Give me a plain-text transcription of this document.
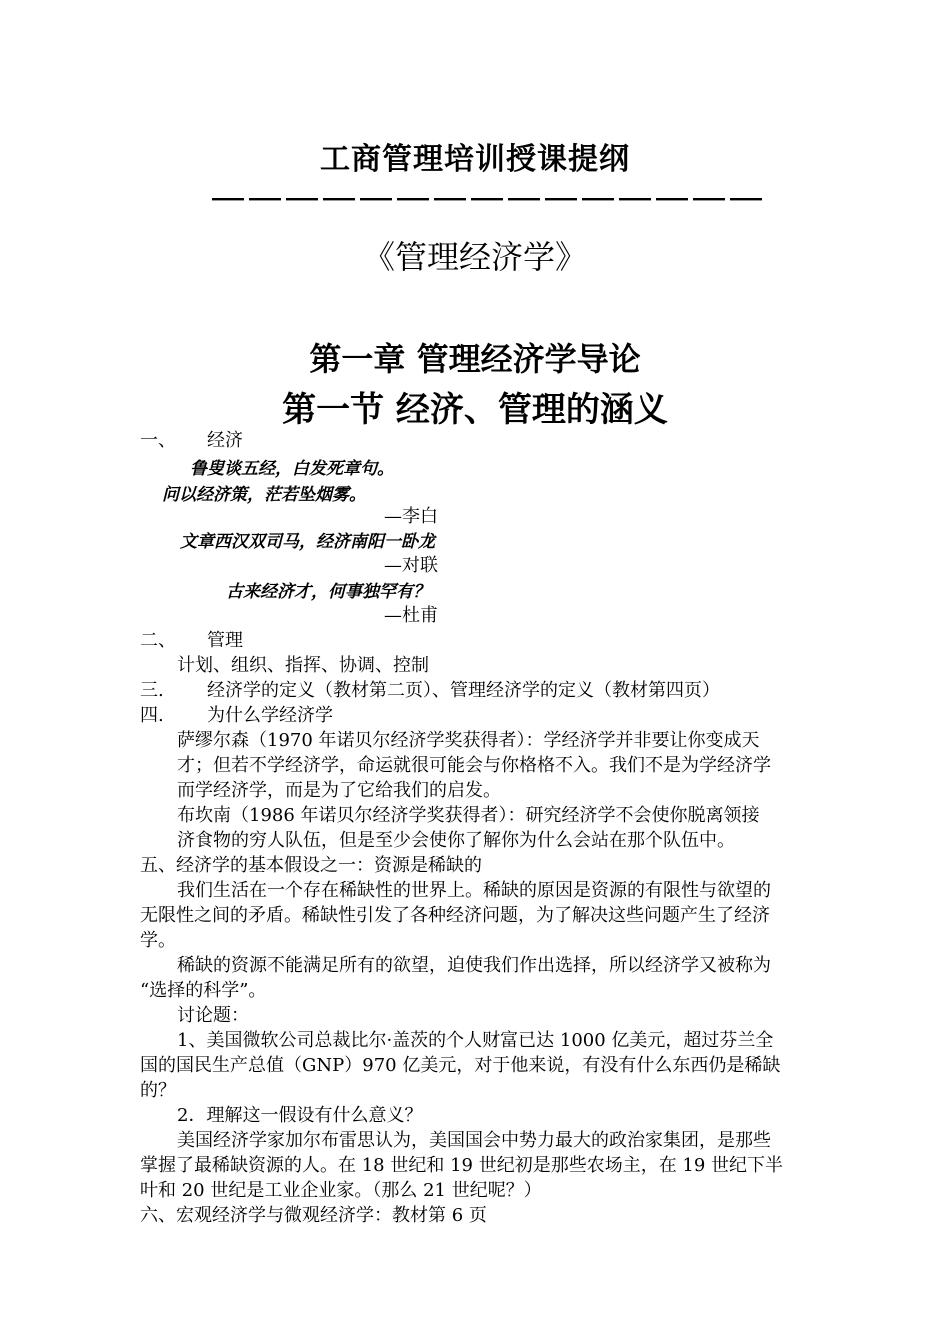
工商管理培训授课提纲
《管理经济学》
第一章 管理经济学导论
第一节 经济、管理的涵义
一、 经济
鲁叟谈五经，白发死章句。
问以经济策，茫若坠烟雾。
—李白
文章西汉双司马，经济南阳一卧龙
—对联
古来经济才，何事独罕有？
—杜甫
二、 管理
计划、组织、指挥、协调、控制
三. 经济学的定义（教材第二页）、管理经济学的定义（教材第四页）
四. 为什么学经济学
萨缪尔森（1970 年诺贝尔经济学奖获得者）：学经济学并非要让你变成天
才；但若不学经济学，命运就很可能会与你格格不入。我们不是为学经济学
而学经济学，而是为了它给我们的启发。
布坎南（1986 年诺贝尔经济学奖获得者）：研究经济学不会使你脱离领接
济食物的穷人队伍，但是至少会使你了解你为什么会站在那个队伍中。
五、经济学的基本假设之一：资源是稀缺的
我们生活在一个存在稀缺性的世界上。稀缺的原因是资源的有限性与欲望的
无限性之间的矛盾。稀缺性引发了各种经济问题，为了解决这些问题产生了经济
学。
稀缺的资源不能满足所有的欲望，迫使我们作出选择，所以经济学又被称为
“选择的科学”。
讨论题：
1、美国微软公司总裁比尔·盖茨的个人财富已达 1000 亿美元，超过芬兰全
国的国民生产总值（GNP）970 亿美元，对于他来说，有没有什么东西仍是稀缺
的？
2．理解这一假设有什么意义？
美国经济学家加尔布雷思认为，美国国会中势力最大的政治家集团，是那些
掌握了最稀缺资源的人。在 18 世纪和 19 世纪初是那些农场主，在 19 世纪下半
叶和 20 世纪是工业企业家。（那么 21 世纪呢？）
六、宏观经济学与微观经济学：教材第 6 页
